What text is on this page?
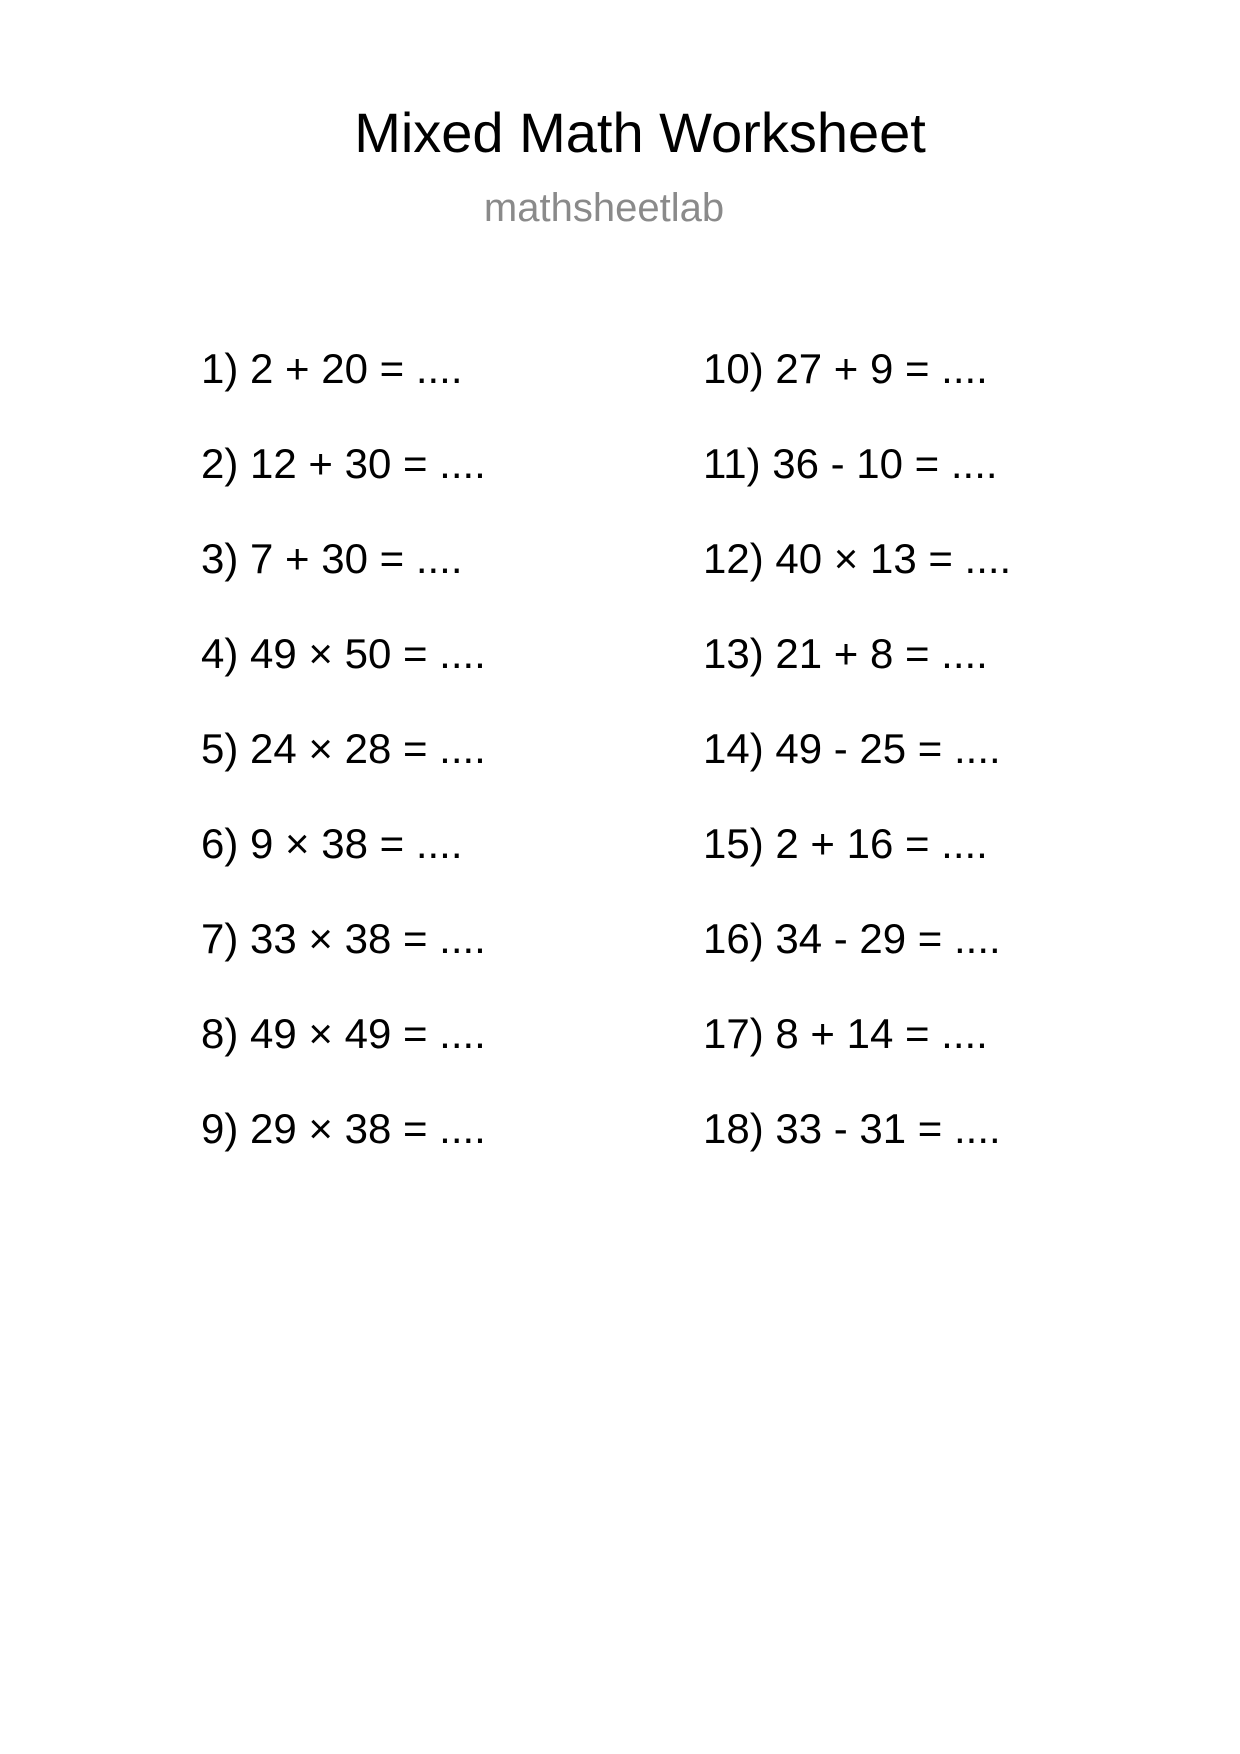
Mixed Math Worksheet
mathsheetlab
1) 2 + 20 = ....
2) 12 + 30 = ....
3) 7 + 30 = ....
4) 49 × 50 = ....
5) 24 × 28 = ....
6) 9 × 38 = ....
7) 33 × 38 = ....
8) 49 × 49 = ....
9) 29 × 38 = ....
10) 27 + 9 = ....
11) 36 - 10 = ....
12) 40 × 13 = ....
13) 21 + 8 = ....
14) 49 - 25 = ....
15) 2 + 16 = ....
16) 34 - 29 = ....
17) 8 + 14 = ....
18) 33 - 31 = ....
